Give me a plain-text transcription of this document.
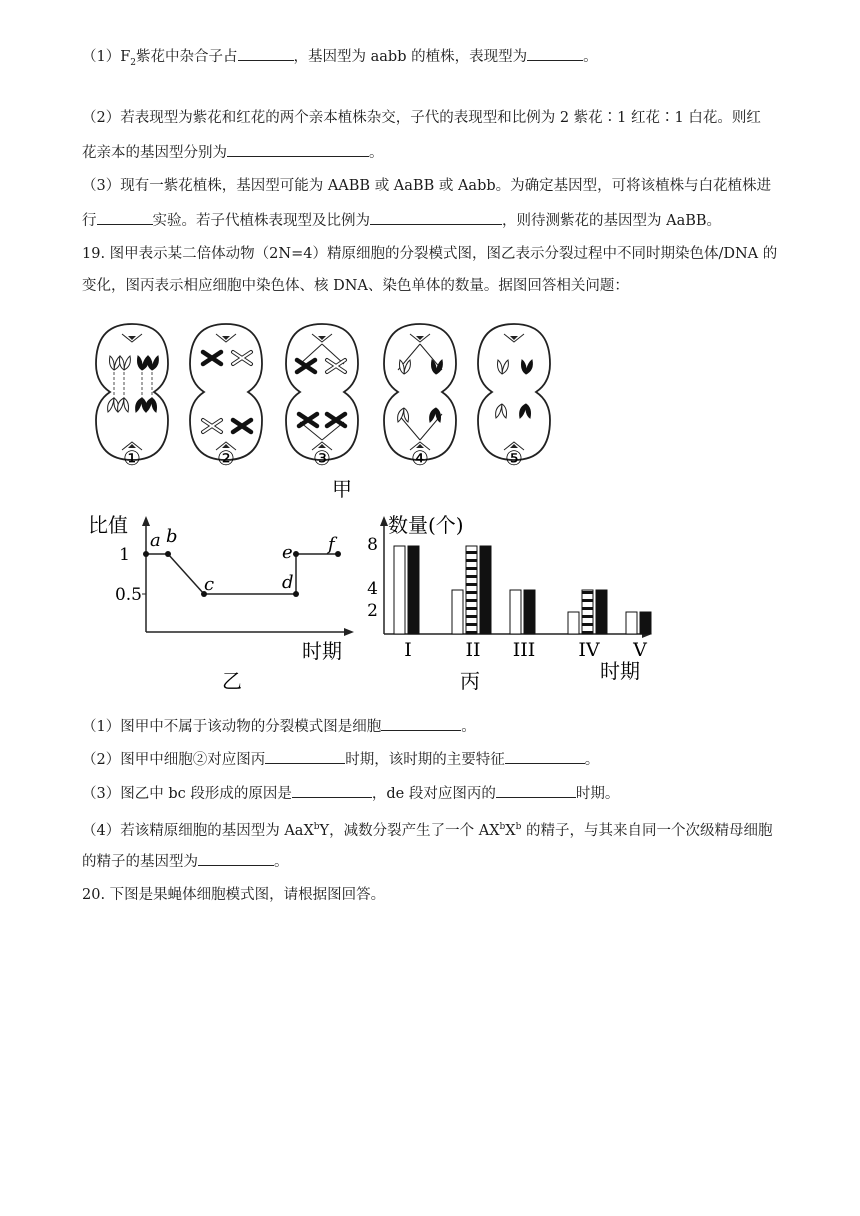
$(1)F_2$紫花中杂合子占	，基因型为 aabb 的植株，表现型为	。
（2）若表现型为紫花和红花的两个亲本植株杂交，子代的表现型和比例为 2 紫花∶1 红花∶1 白花。则红
花亲本的基因型分别为	。
（3）现有一紫花植株，基因型可能为 AABB 或 AaBB 或 Aabb。为确定基因型，可将该植株与白花植株进
行	实验。若子代植株表现型及比例为	，则待测紫花的基因型为 AaBB。
19. 图甲表示某二倍体动物（2N=4）精原细胞的分裂模式图，图乙表示分裂过程中不同时期染色体/DNA 的
变化，图丙表示相应细胞中染色体、核 DNA、染色单体的数量。据图回答相关问题：
①	②	③	④	⑤
甲
比值
1
0.5
a b
c	d
e f
时期
乙
数量(个)
8
4
2
I	II III IV V
时期
丙
（1）图甲中不属于该动物的分裂模式图是细胞	。
（2）图甲中细胞②对应图丙	时期，该时期的主要特征	。
（3）图乙中 bc 段形成的原因是	，de 段对应图丙的	时期。
（4）若该精原细胞的基因型为 AaX$^b$Y，减数分裂产生了一个 $AX^bX^b$ 的精子，与其来自同一个次级精母细胞
的精子的基因型为	。
20. 下图是果蝇体细胞模式图，请根据图回答。
